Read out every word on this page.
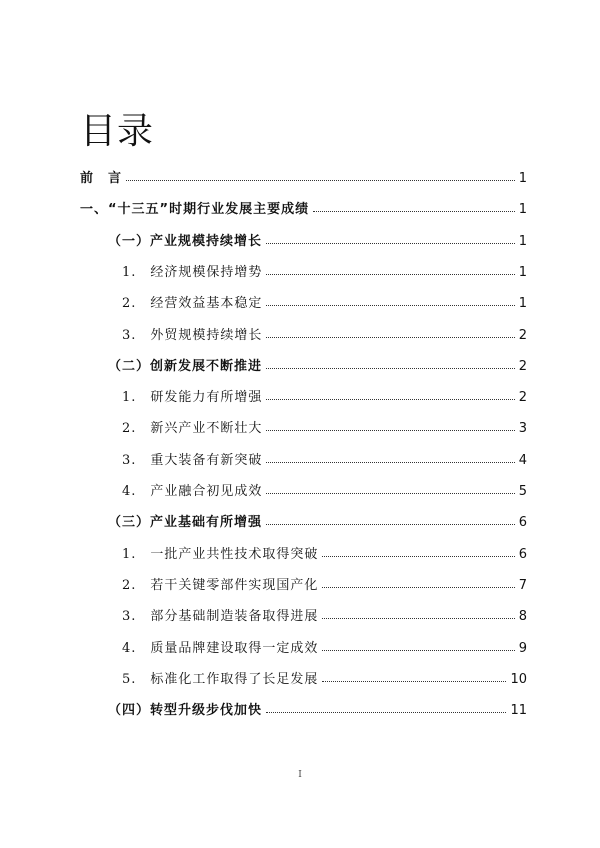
目录
前　言	1
一、“十三五”时期行业发展主要成绩	1
（一）产业规模持续增长	1
1.　经济规模保持增势	1
2.　经营效益基本稳定	1
3.　外贸规模持续增长	2
（二）创新发展不断推进	2
1.　研发能力有所增强	2
2.　新兴产业不断壮大	3
3.　重大装备有新突破	4
4.　产业融合初见成效	5
（三）产业基础有所增强	6
1.　一批产业共性技术取得突破	6
2.　若干关键零部件实现国产化	7
3.　部分基础制造装备取得进展	8
4.　质量品牌建设取得一定成效	9
5.　标准化工作取得了长足发展	10
（四）转型升级步伐加快	11
I
